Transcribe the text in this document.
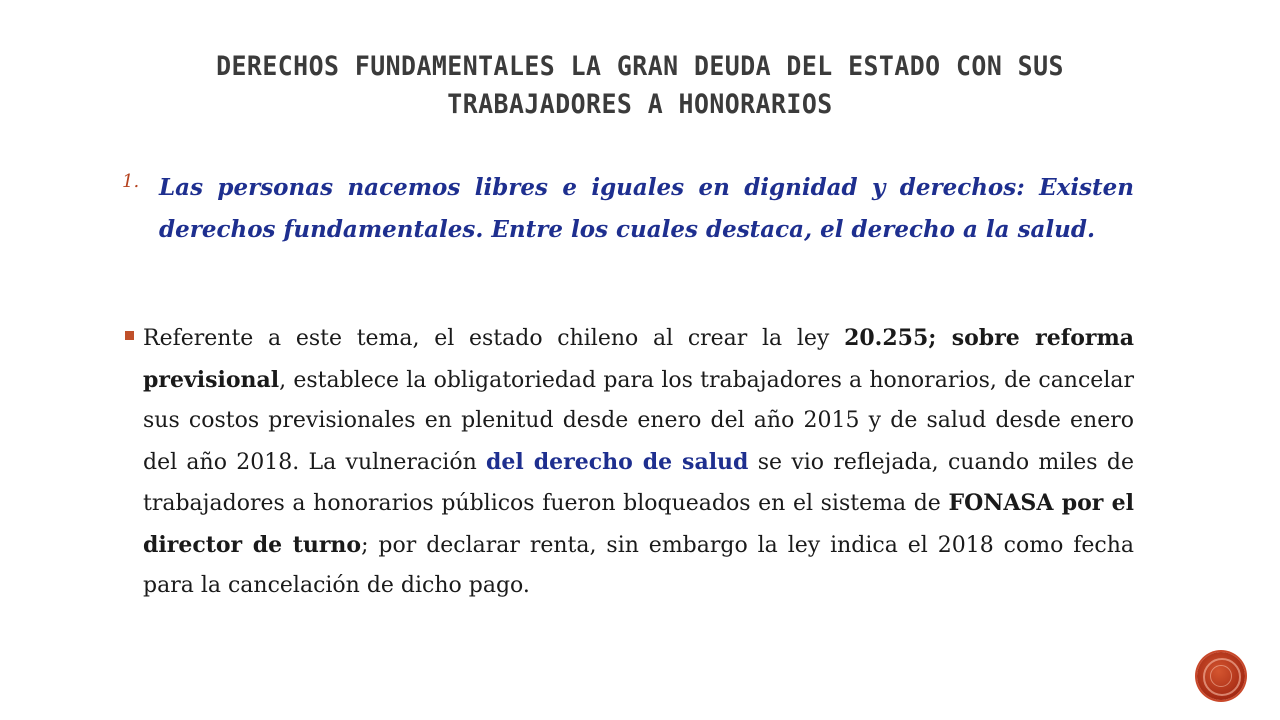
DERECHOS FUNDAMENTALES LA GRAN DEUDA DEL ESTADO CON SUS
TRABAJADORES A HONORARIOS
1. Las personas nacemos libres e iguales en dignidad y derechos: Existen derechos fundamentales. Entre los cuales destaca, el derecho a la salud.
Referente a este tema, el estado chileno al crear la ley 20.255; sobre reforma previsional, establece la obligatoriedad para los trabajadores a honorarios, de cancelar sus costos previsionales en plenitud desde enero del año 2015 y de salud desde enero del año 2018. La vulneración del derecho de salud se vio reflejada, cuando miles de trabajadores a honorarios públicos fueron bloqueados en el sistema de FONASA por el director de turno; por declarar renta, sin embargo la ley indica el 2018 como fecha para la cancelación de dicho pago.
